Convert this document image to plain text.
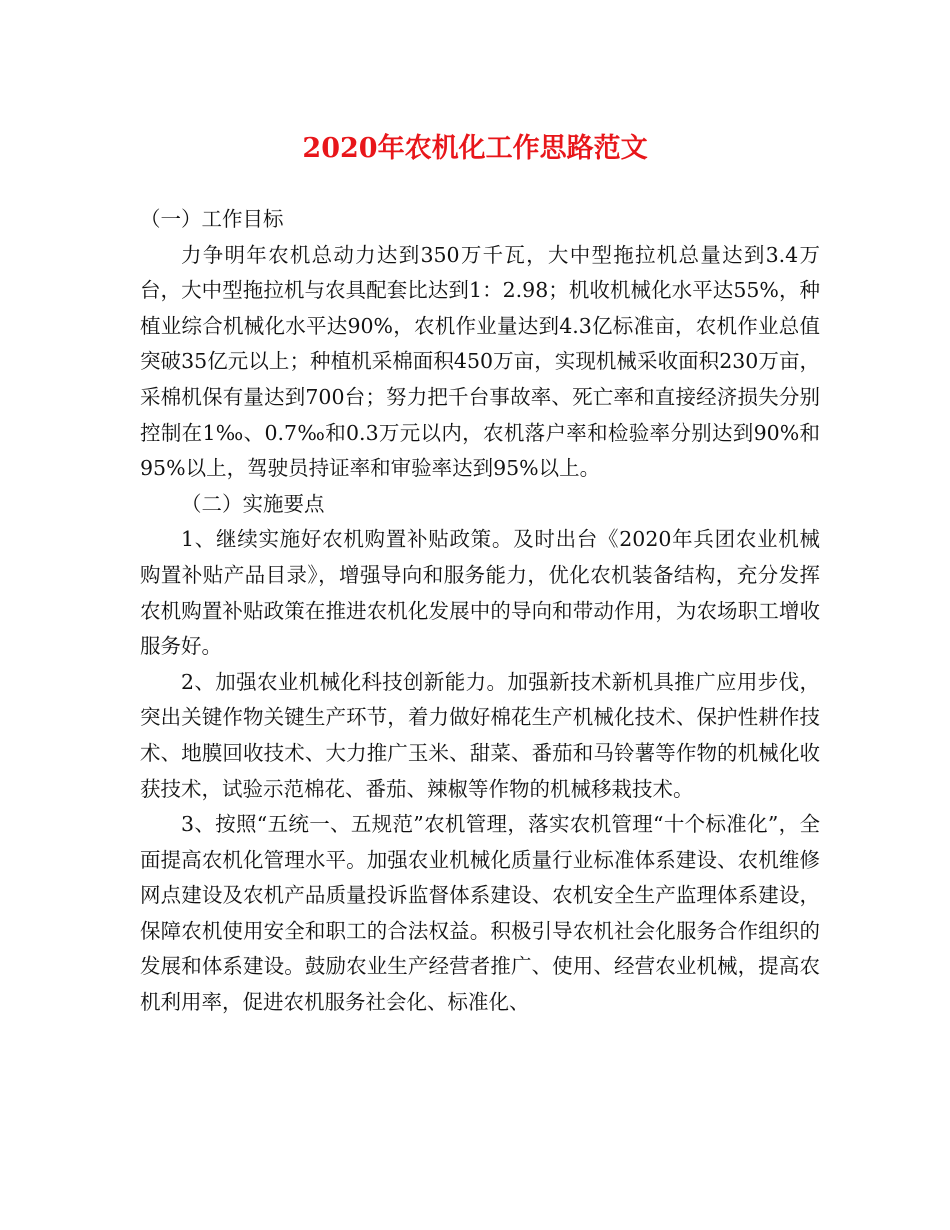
2020年农机化工作思路范文

（一）工作目标

力争明年农机总动力达到350万千瓦，大中型拖拉机总量达到3.4万台，大中型拖拉机与农具配套比达到1：2.98；机收机械化水平达55%，种植业综合机械化水平达90%，农机作业量达到4.3亿标准亩，农机作业总值突破35亿元以上；种植机采棉面积450万亩，实现机械采收面积230万亩，采棉机保有量达到700台；努力把千台事故率、死亡率和直接经济损失分别控制在1‰、0.7‰和0.3万元以内，农机落户率和检验率分别达到90%和95%以上，驾驶员持证率和审验率达到95%以上。

（二）实施要点

1、继续实施好农机购置补贴政策。及时出台《2020年兵团农业机械购置补贴产品目录》，增强导向和服务能力，优化农机装备结构，充分发挥农机购置补贴政策在推进农机化发展中的导向和带动作用，为农场职工增收服务好。

2、加强农业机械化科技创新能力。加强新技术新机具推广应用步伐，突出关键作物关键生产环节，着力做好棉花生产机械化技术、保护性耕作技术、地膜回收技术、大力推广玉米、甜菜、番茄和马铃薯等作物的机械化收获技术，试验示范棉花、番茄、辣椒等作物的机械移栽技术。

3、按照“五统一、五规范”农机管理，落实农机管理“十个标准化”，全面提高农机化管理水平。加强农业机械化质量行业标准体系建设、农机维修网点建设及农机产品质量投诉监督体系建设、农机安全生产监理体系建设，保障农机使用安全和职工的合法权益。积极引导农机社会化服务合作组织的发展和体系建设。鼓励农业生产经营者推广、使用、经营农业机械，提高农机利用率，促进农机服务社会化、标准化、
